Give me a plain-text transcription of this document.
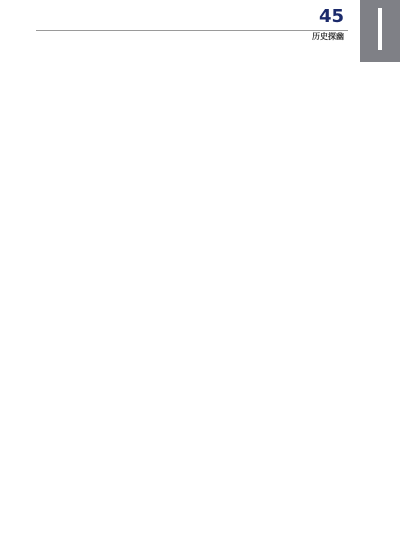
45
历史探幽
